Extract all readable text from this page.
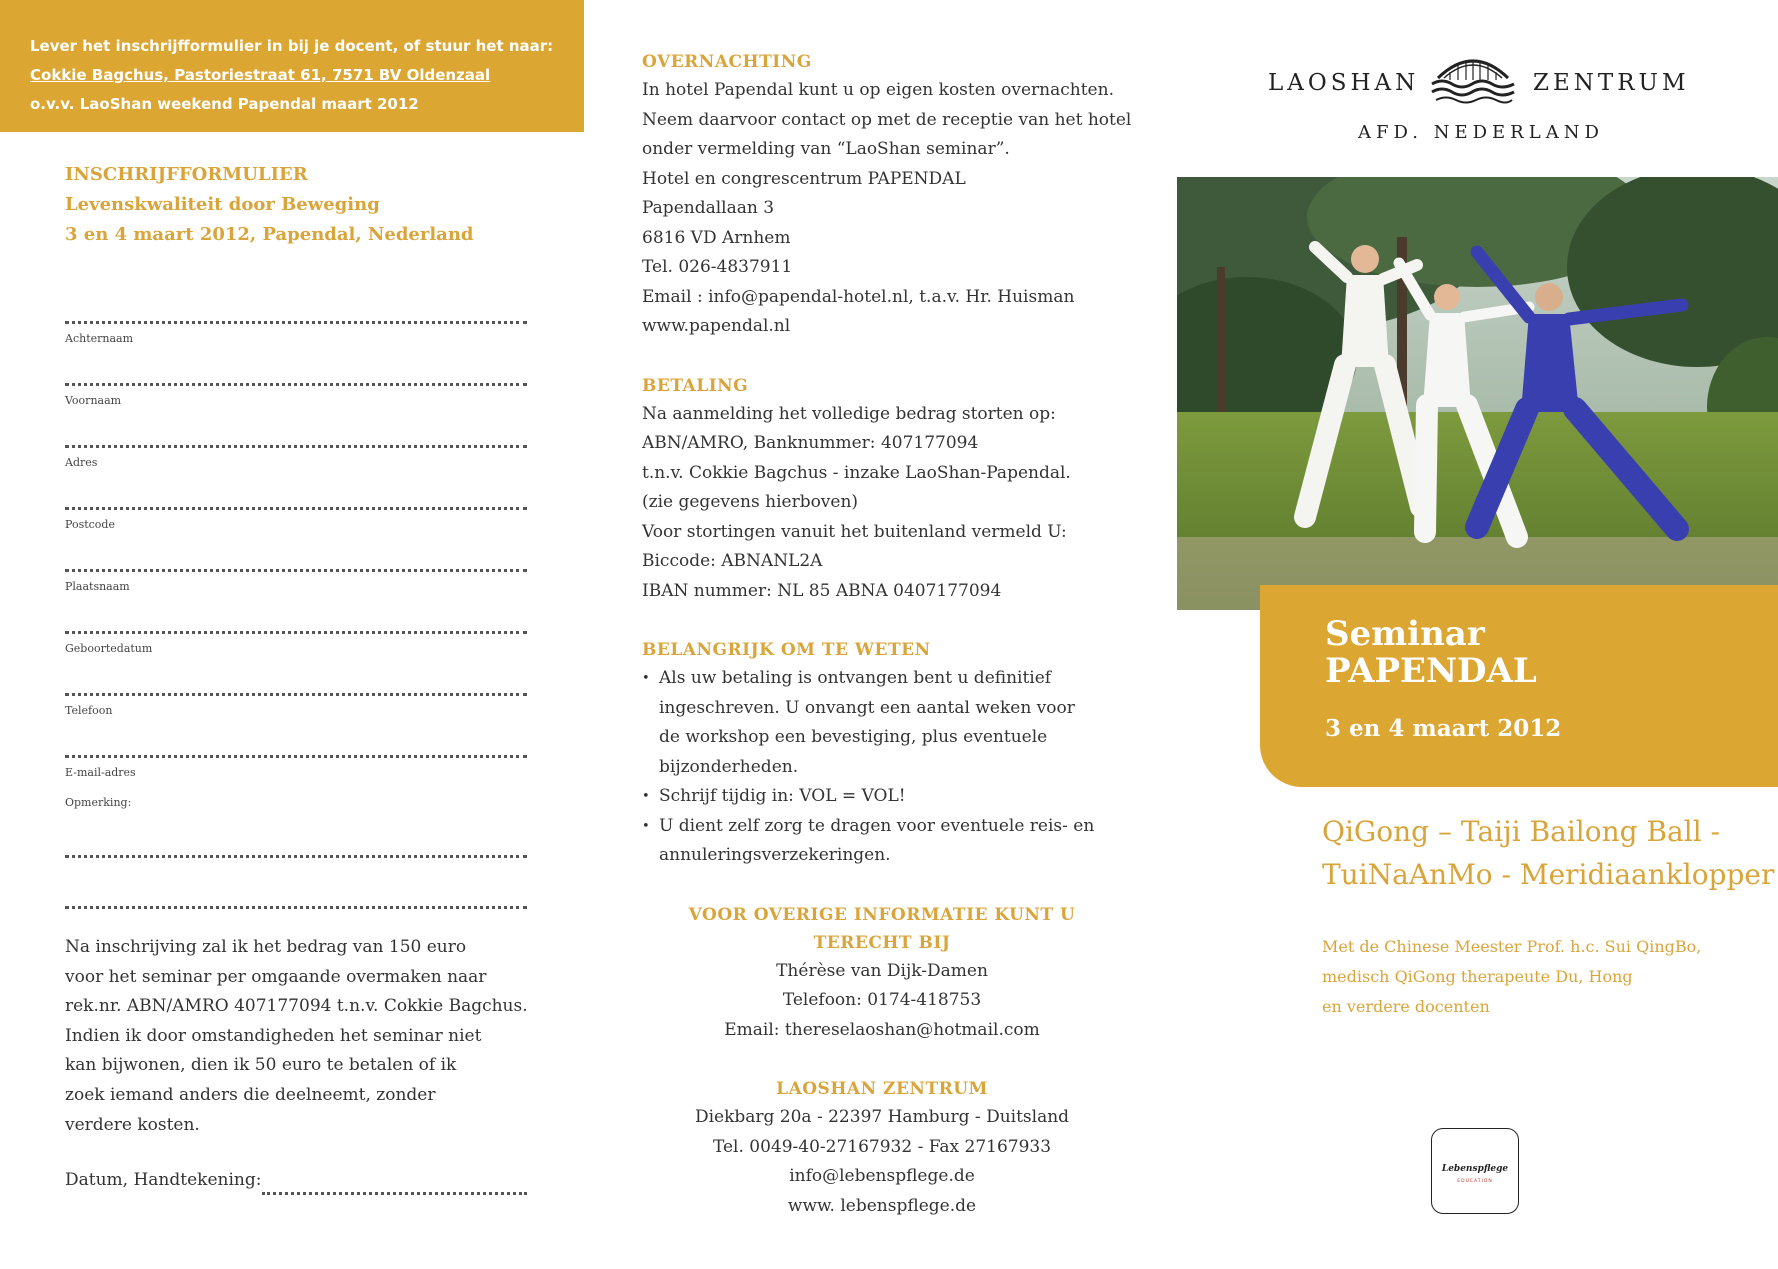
Lever het inschrijfformulier in bij je docent, of stuur het naar:
Cokkie Bagchus, Pastoriestraat 61, 7571 BV Oldenzaal
o.v.v. LaoShan weekend Papendal maart 2012
INSCHRIJFFORMULIER
Levenskwaliteit door Beweging
3 en 4 maart 2012, Papendal, Nederland
Achternaam
Voornaam
Adres
Postcode
Plaatsnaam
Geboortedatum
Telefoon
E-mail-adres
Opmerking:
Na inschrijving zal ik het bedrag van 150 euro
voor het seminar per omgaande overmaken naar
rek.nr. ABN/AMRO 407177094 t.n.v. Cokkie Bagchus.
Indien ik door omstandigheden het seminar niet
kan bijwonen, dien ik 50 euro te betalen of ik
zoek iemand anders die deelneemt, zonder
verdere kosten.
Datum, Handtekening:
OVERNACHTING
In hotel Papendal kunt u op eigen kosten overnachten.
Neem daarvoor contact op met de receptie van het hotel
onder vermelding van “LaoShan seminar”.
Hotel en congrescentrum PAPENDAL
Papendallaan 3
6816 VD Arnhem
Tel. 026-4837911
Email : info@papendal-hotel.nl, t.a.v. Hr. Huisman
www.papendal.nl
BETALING
Na aanmelding het volledige bedrag storten op:
ABN/AMRO, Banknummer: 407177094
t.n.v. Cokkie Bagchus - inzake LaoShan-Papendal.
(zie gegevens hierboven)
Voor stortingen vanuit het buitenland vermeld U:
Biccode: ABNANL2A
IBAN nummer: NL 85 ABNA 0407177094
BELANGRIJK OM TE WETEN
• Als uw betaling is ontvangen bent u definitief
ingeschreven. U onvangt een aantal weken voor
de workshop een bevestiging, plus eventuele
bijzonderheden.
• Schrijf tijdig in: VOL = VOL!
• U dient zelf zorg te dragen voor eventuele reis- en
annuleringsverzekeringen.
VOOR OVERIGE INFORMATIE KUNT U TERECHT BIJ
Thérèse van Dijk-Damen
Telefoon: 0174-418753
Email: thereselaoshan@hotmail.com
LAOSHAN ZENTRUM
Diekbarg 20a - 22397 Hamburg - Duitsland
Tel. 0049-40-27167932 - Fax 27167933
info@lebenspflege.de
www. lebenspflege.de
LAOSHAN	ZENTRUM
AFD. NEDERLAND
Seminar
PAPENDAL
3 en 4 maart 2012
QiGong – Taiji Bailong Ball -
TuiNaAnMo - Meridiaanklopper
Met de Chinese Meester Prof. h.c. Sui QingBo,
medisch QiGong therapeute Du, Hong
en verdere docenten
Lebenspflege
EDUCATION
